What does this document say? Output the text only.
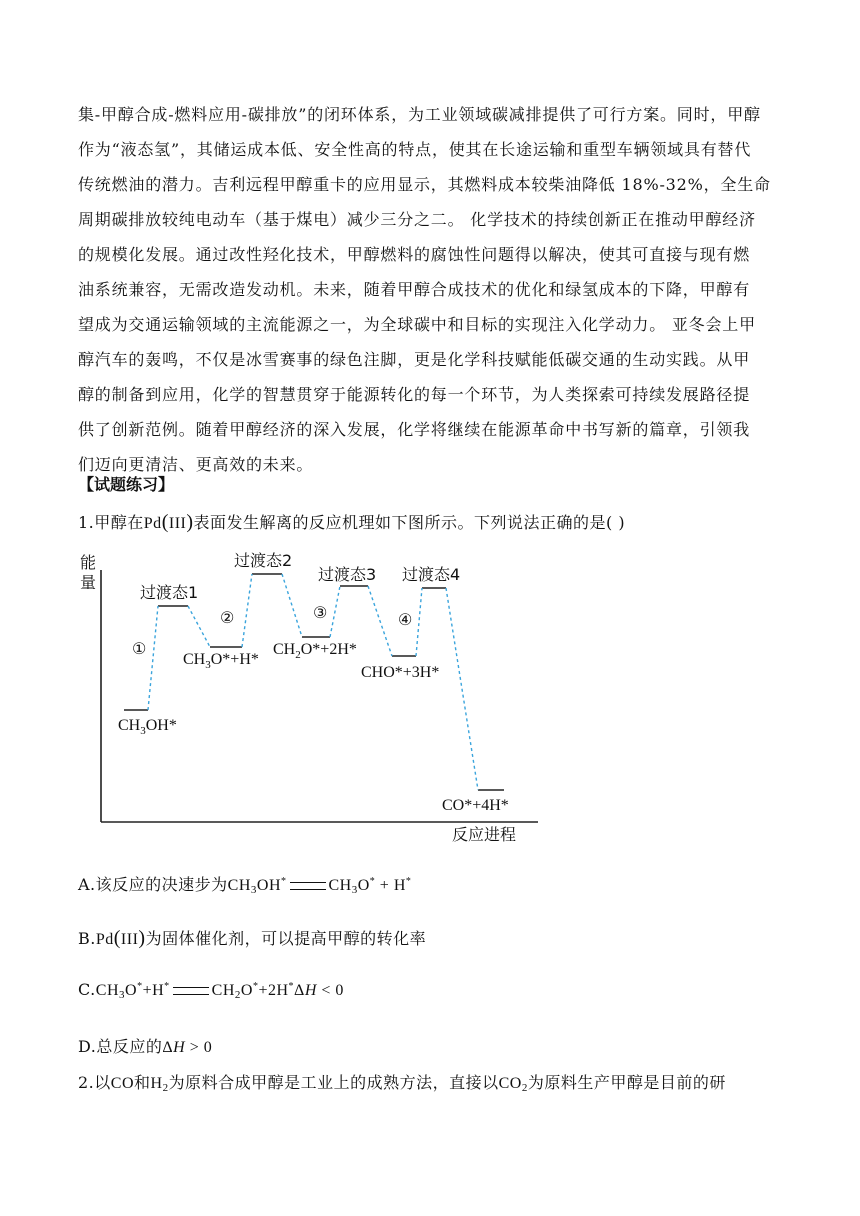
集-甲醇合成-燃料应用-碳排放”的闭环体系，为工业领域碳减排提供了可行方案。同时，甲醇
作为“液态氢”，其储运成本低、安全性高的特点，使其在长途运输和重型车辆领域具有替代
传统燃油的潜力。吉利远程甲醇重卡的应用显示，其燃料成本较柴油降低 18%-32%，全生命
周期碳排放较纯电动车（基于煤电）减少三分之二。 化学技术的持续创新正在推动甲醇经济
的规模化发展。通过改性羟化技术，甲醇燃料的腐蚀性问题得以解决，使其可直接与现有燃
油系统兼容，无需改造发动机。未来，随着甲醇合成技术的优化和绿氢成本的下降，甲醇有
望成为交通运输领域的主流能源之一，为全球碳中和目标的实现注入化学动力。 亚冬会上甲
醇汽车的轰鸣，不仅是冰雪赛事的绿色注脚，更是化学科技赋能低碳交通的生动实践。从甲
醇的制备到应用，化学的智慧贯穿于能源转化的每一个环节，为人类探索可持续发展路径提
供了创新范例。随着甲醇经济的深入发展，化学将继续在能源革命中书写新的篇章，引领我
们迈向更清洁、更高效的未来。
【试题练习】
1.甲醇在Pd(III)表面发生解离的反应机理如下图所示。下列说法正确的是( )
能
量
反应进程
过渡态1
过渡态2
过渡态3 过渡态4
①
②	③	④
$CH_3OH*$
$CH_3O*+H*$
$CH_2O*+2H*$
CHO*+3H*
CO*+4H*
A.该反应的决速步为$CH_3OH^*$	$CH_3O^* + H^*$
B.Pd(III)为固体催化剂，可以提高甲醇的转化率
$C.CH_3O^*+H^*$	$CH_2O^*+2H^*\Delta H < 0$
D.总反应的ΔH > 0
2.以CO和$H_2$为原料合成甲醇是工业上的成熟方法，直接以$CO_2$为原料生产甲醇是目前的研
